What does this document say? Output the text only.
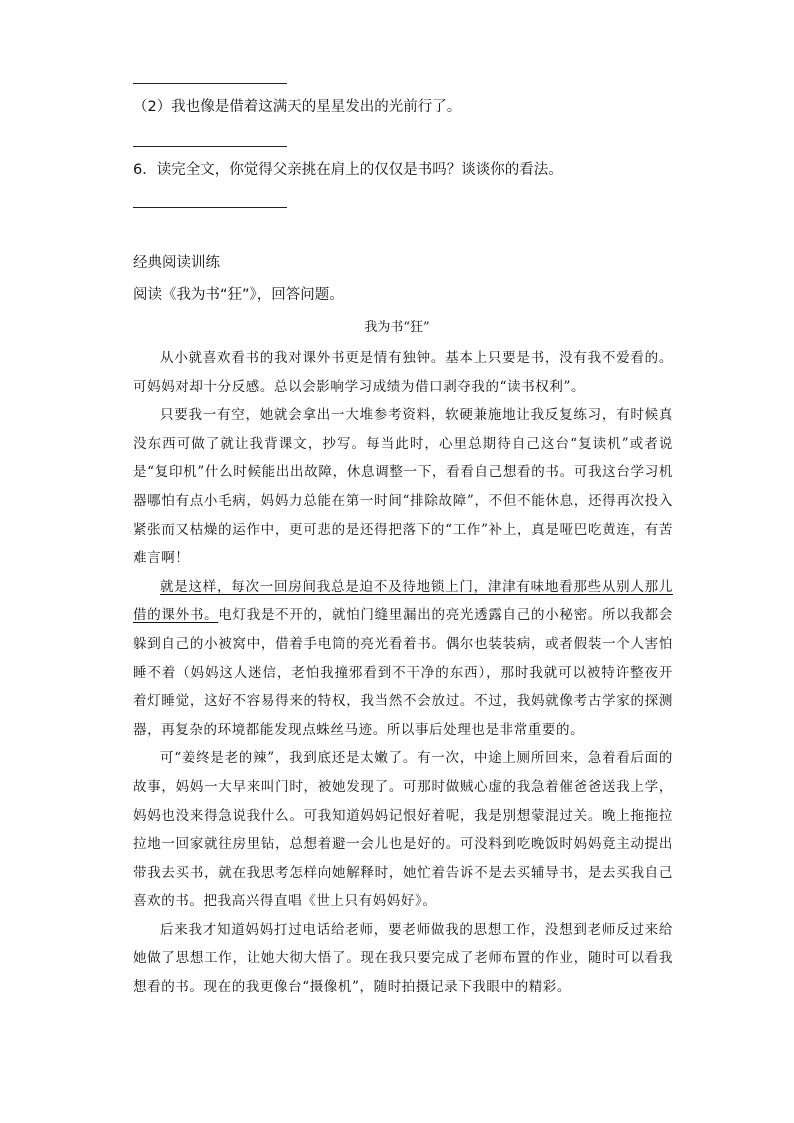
（2）我也像是借着这满天的星星发出的光前行了。
6．读完全文，你觉得父亲挑在肩上的仅仅是书吗？谈谈你的看法。
经典阅读训练
阅读《我为书“狂”》，回答问题。
我为书“狂”

从小就喜欢看书的我对课外书更是情有独钟。基本上只要是书，没有我不爱看的。可妈妈对却十分反感。总以会影响学习成绩为借口剥夺我的“读书权利”。

只要我一有空，她就会拿出一大堆参考资料，软硬兼施地让我反复练习，有时候真没东西可做了就让我背课文，抄写。每当此时，心里总期待自己这台“复读机”或者说是“复印机”什么时候能出出故障，休息调整一下，看看自己想看的书。可我这台学习机器哪怕有点小毛病，妈妈力总能在第一时间“排除故障”，不但不能休息，还得再次投入紧张而又枯燥的运作中，更可悲的是还得把落下的“工作”补上，真是哑巴吃黄连，有苦难言啊！

就是这样，每次一回房间我总是迫不及待地锁上门，津津有味地看那些从别人那儿借的课外书。电灯我是不开的，就怕门缝里漏出的亮光透露自己的小秘密。所以我都会躲到自己的小被窝中，借着手电筒的亮光看着书。偶尔也装装病，或者假装一个人害怕睡不着（妈妈这人迷信，老怕我撞邪看到不干净的东西），那时我就可以被特许整夜开着灯睡觉，这好不容易得来的特权，我当然不会放过。不过，我妈就像考古学家的探测器，再复杂的环境都能发现点蛛丝马迹。所以事后处理也是非常重要的。

可“姜终是老的辣”，我到底还是太嫩了。有一次，中途上厕所回来，急着看后面的故事，妈妈一大早来叫门时，被她发现了。可那时做贼心虚的我急着催爸爸送我上学，妈妈也没来得急说我什么。可我知道妈妈记恨好着呢，我是別想蒙混过关。晚上拖拖拉拉地一回家就往房里钻，总想着避一会儿也是好的。可没料到吃晚饭时妈妈竟主动提出带我去买书，就在我思考怎样向她解释时，她忙着告诉不是去买辅导书，是去买我自己喜欢的书。把我高兴得直唱《世上只有妈妈好》。

后来我才知道妈妈打过电话给老师，要老师做我的思想工作，没想到老师反过来给她做了思想工作，让她大彻大悟了。现在我只要完成了老师布置的作业，随时可以看我想看的书。现在的我更像台“摄像机”，随时拍摄记录下我眼中的精彩。
